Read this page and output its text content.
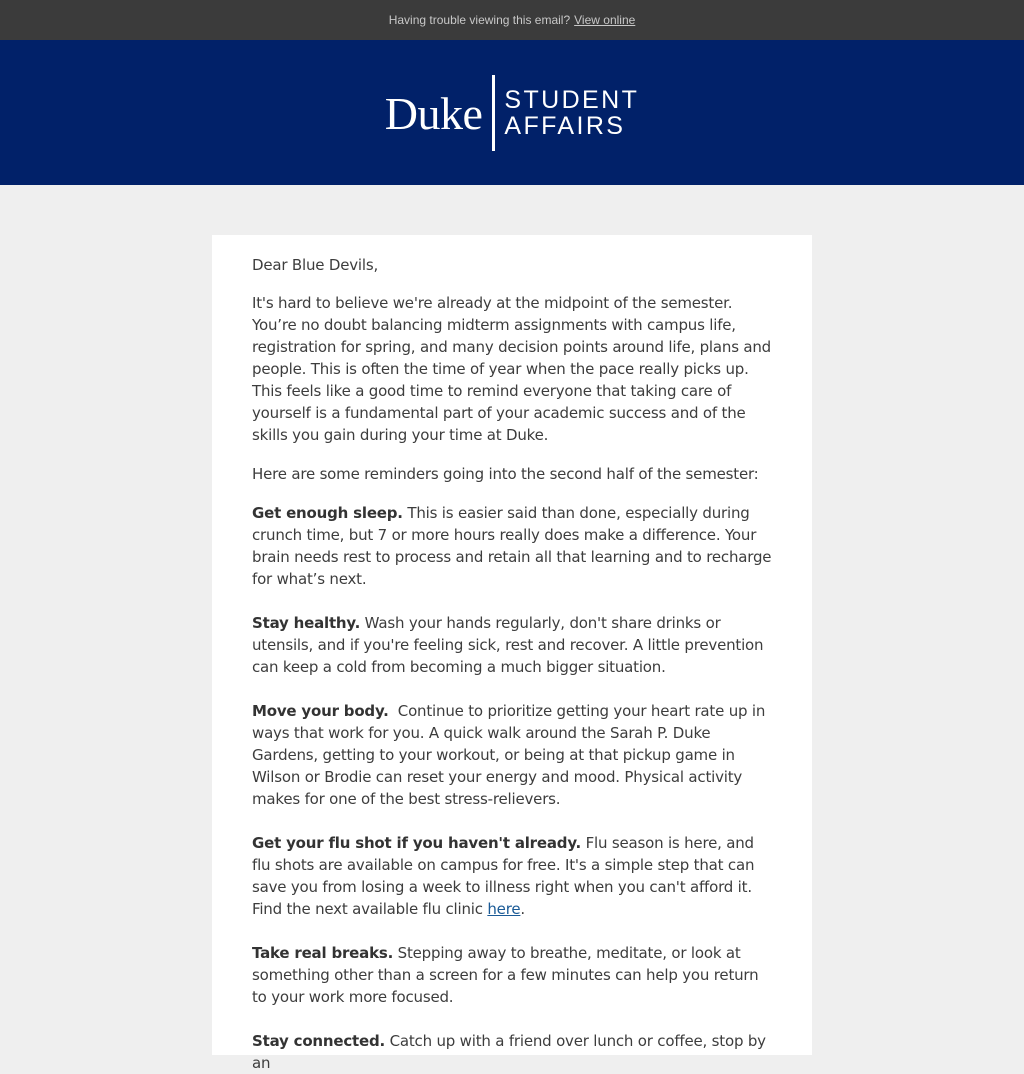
Having trouble viewing this email? View online
Duke STUDENT
AFFAIRS

Dear Blue Devils,

It's hard to believe we're already at the midpoint of the semester. You’re no doubt balancing midterm assignments with campus life, registration for spring, and many decision points around life, plans and people. This is often the time of year when the pace really picks up. This feels like a good time to remind everyone that taking care of yourself is a fundamental part of your academic success and of the skills you gain during your time at Duke.

Here are some reminders going into the second half of the semester:

Get enough sleep. This is easier said than done, especially during crunch time, but 7 or more hours really does make a difference. Your brain needs rest to process and retain all that learning and to recharge for what’s next.

Stay healthy. Wash your hands regularly, don't share drinks or utensils, and if you're feeling sick, rest and recover. A little prevention can keep a cold from becoming a much bigger situation.

Move your body.  Continue to prioritize getting your heart rate up in ways that work for you. A quick walk around the Sarah P. Duke Gardens, getting to your workout, or being at that pickup game in Wilson or Brodie can reset your energy and mood. Physical activity makes for one of the best stress-relievers.

Get your flu shot if you haven't already. Flu season is here, and flu shots are available on campus for free. It's a simple step that can save you from losing a week to illness right when you can't afford it. Find the next available flu clinic here.

Take real breaks. Stepping away to breathe, meditate, or look at something other than a screen for a few minutes can help you return to your work more focused.

Stay connected. Catch up with a friend over lunch or coffee, stop by an
